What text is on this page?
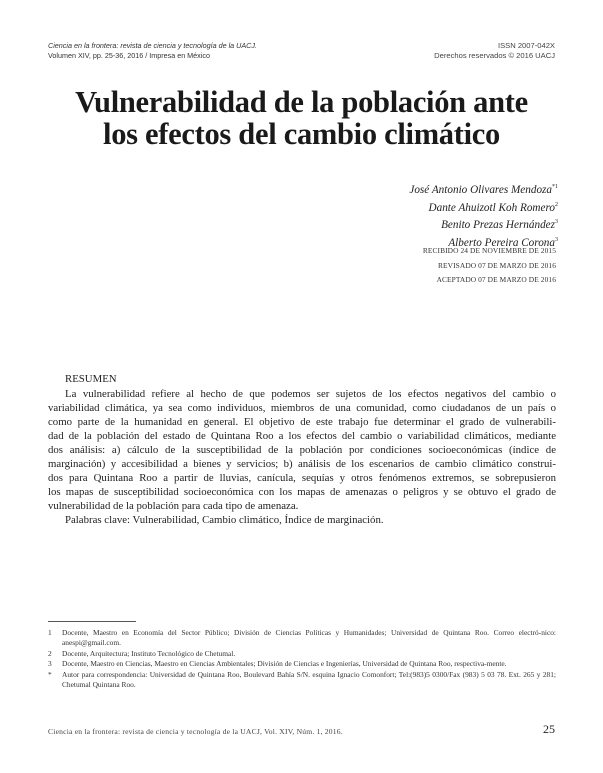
Ciencia en la frontera: revista de ciencia y tecnología de la UACJ.
Volumen XIV, pp. 25-36, 2016 / Impresa en México
ISSN 2007-042X
Derechos reservados © 2016 UACJ
Vulnerabilidad de la población ante
los efectos del cambio climático
José Antonio Olivares Mendoza$^{*1}$
Dante Ahuizotl Koh Romero$^2$
Benito Prezas Hernández$^3$
Alberto Pereira Corona$^3$
RECIBIDO 24 DE NOVIEMBRE DE 2015
REVISADO 07 DE MARZO DE 2016
ACEPTADO 07 DE MARZO DE 2016
RESUMEN
La vulnerabilidad refiere al hecho de que podemos ser sujetos de los efectos negativos del cambio o
variabilidad climática, ya sea como individuos, miembros de una comunidad, como ciudadanos de un país o
como parte de la humanidad en general. El objetivo de este trabajo fue determinar el grado de vulnerabili-
dad de la población del estado de Quintana Roo a los efectos del cambio o variabilidad climáticos, mediante
dos análisis: a) cálculo de la susceptibilidad de la población por condiciones socioeconómicas (índice de
marginación) y accesibilidad a bienes y servicios; b) análisis de los escenarios de cambio climático construi-
dos para Quintana Roo a partir de lluvias, canícula, sequías y otros fenómenos extremos, se sobrepusieron
los mapas de susceptibilidad socioeconómica con los mapas de amenazas o peligros y se obtuvo el grado de
vulnerabilidad de la población para cada tipo de amenaza.
Palabras clave: Vulnerabilidad, Cambio climático, Índice de marginación.
1	Docente, Maestro en Economía del Sector Público; División de Ciencias Políticas y Humanidades; Universidad de Quintana Roo. Correo electró-nico: anespi@gmail.com.
2	Docente, Arquitectura; Instituto Tecnológico de Chetumal.
3	Docente, Maestro en Ciencias, Maestro en Ciencias Ambientales; División de Ciencias e Ingenierías, Universidad de Quintana Roo, respectiva-mente.
*	Autor para correspondencia: Universidad de Quintana Roo, Boulevard Bahía S/N. esquina Ignacio Comonfort; Tel:(983)5 0300/Fax (983) 5 03 78. Ext. 265 y 281; Chetumal Quintana Roo.
Ciencia en la frontera: revista de ciencia y tecnología de la UACJ, Vol. XIV, Núm. 1, 2016.	25
